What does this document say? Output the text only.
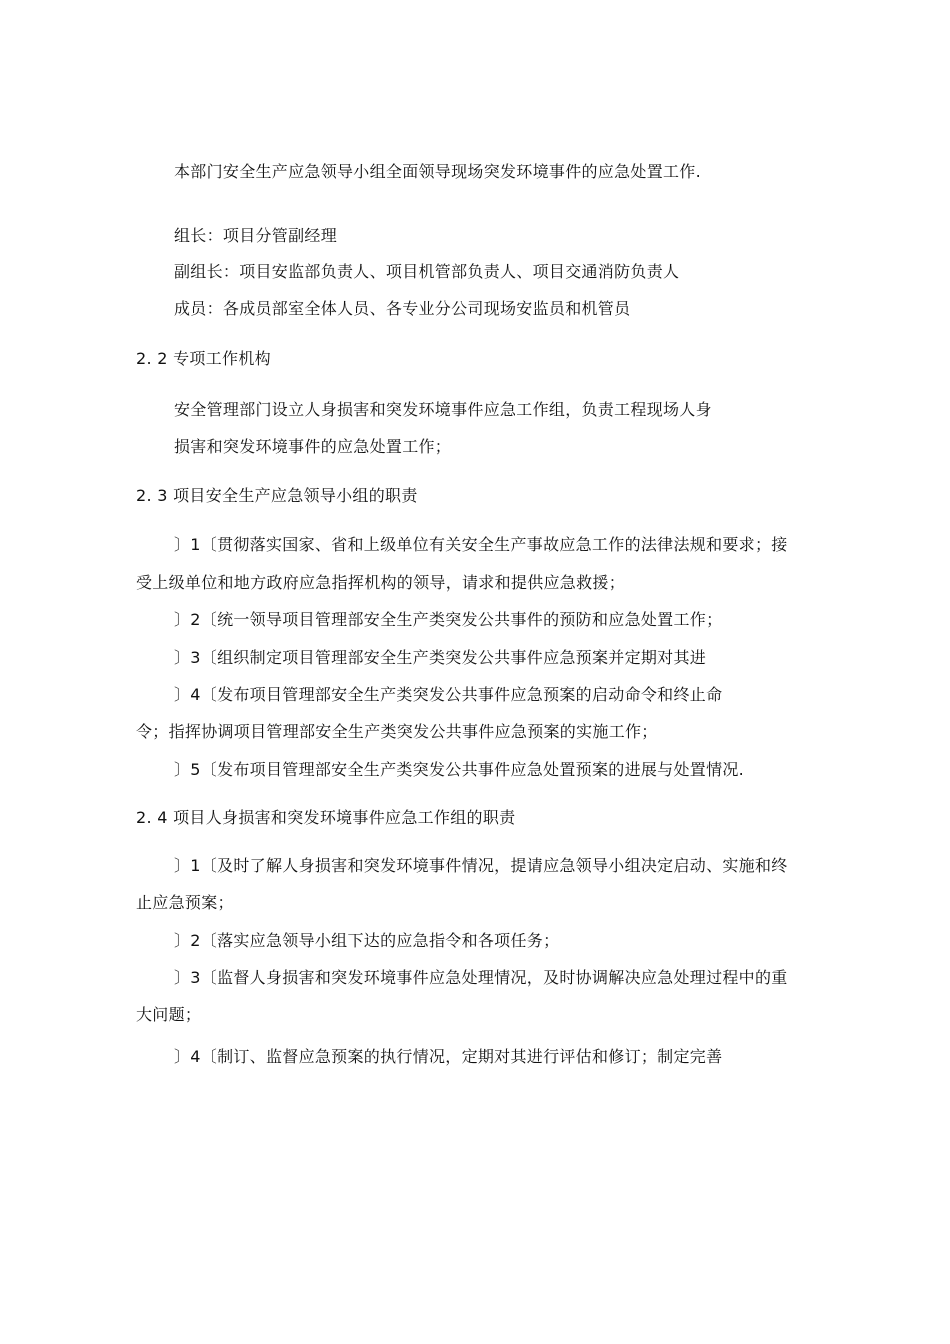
本部门安全生产应急领导小组全面领导现场突发环境事件的应急处置工作.
组长：项目分管副经理
副组长：项目安监部负责人、项目机管部负责人、项目交通消防负责人
成员：各成员部室全体人员、各专业分公司现场安监员和机管员
2. 2 专项工作机构
安全管理部门设立人身损害和突发环境事件应急工作组，负责工程现场人身
损害和突发环境事件的应急处置工作；
2. 3 项目安全生产应急领导小组的职责
〕1〔贯彻落实国家、省和上级单位有关安全生产事故应急工作的法律法规和要求；接
受上级单位和地方政府应急指挥机构的领导，请求和提供应急救援；
〕2〔统一领导项目管理部安全生产类突发公共事件的预防和应急处置工作；
〕3〔组织制定项目管理部安全生产类突发公共事件应急预案并定期对其进
〕4〔发布项目管理部安全生产类突发公共事件应急预案的启动命令和终止命
令；指挥协调项目管理部安全生产类突发公共事件应急预案的实施工作；
〕5〔发布项目管理部安全生产类突发公共事件应急处置预案的进展与处置情况.
2. 4 项目人身损害和突发环境事件应急工作组的职责
〕1〔及时了解人身损害和突发环境事件情况，提请应急领导小组决定启动、实施和终
止应急预案；
〕2〔落实应急领导小组下达的应急指令和各项任务；
〕3〔监督人身损害和突发环境事件应急处理情况，及时协调解决应急处理过程中的重
大问题；
〕4〔制订、监督应急预案的执行情况，定期对其进行评估和修订；制定完善
